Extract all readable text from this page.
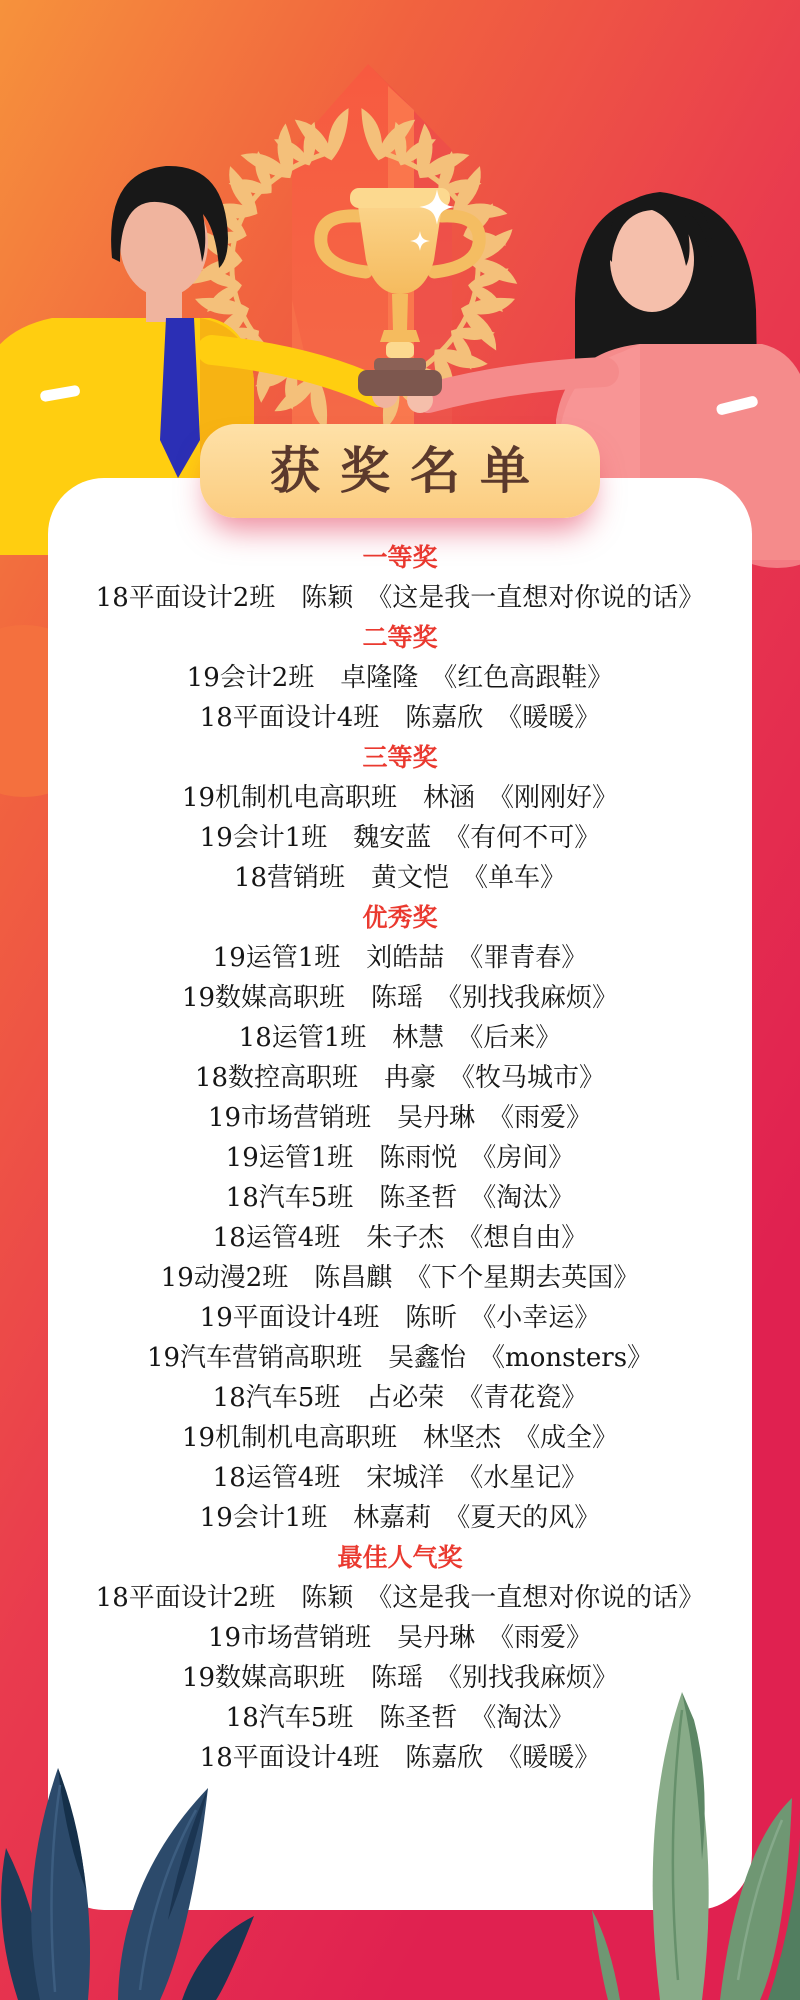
一等奖
18平面设计2班　陈颖　《这是我一直想对你说的话》
二等奖
19会计2班　卓隆隆　《红色高跟鞋》
18平面设计4班　陈嘉欣　《暖暖》
三等奖
19机制机电高职班　林涵　《刚刚好》
19会计1班　魏安蓝　《有何不可》
18营销班　黄文恺　《单车》
优秀奖
19运管1班　刘皓喆　《罪青春》
19数媒高职班　陈瑶　《别找我麻烦》
18运管1班　林慧　《后来》
18数控高职班　冉豪　《牧马城市》
19市场营销班　吴丹琳　《雨爱》
19运管1班　陈雨悦　《房间》
18汽车5班　陈圣哲　《淘汰》
18运管4班　朱子杰　《想自由》
19动漫2班　陈昌麒　《下个星期去英国》
19平面设计4班　陈昕　《小幸运》
19汽车营销高职班　吴鑫怡　《monsters》
18汽车5班　占必荣　《青花瓷》
19机制机电高职班　林坚杰　《成全》
18运管4班　宋城洋　《水星记》
19会计1班　林嘉莉　《夏天的风》
最佳人气奖
18平面设计2班　陈颖　《这是我一直想对你说的话》
19市场营销班　吴丹琳　《雨爱》
19数媒高职班　陈瑶　《别找我麻烦》
18汽车5班　陈圣哲　《淘汰》
18平面设计4班　陈嘉欣　《暖暖》
获奖名单
